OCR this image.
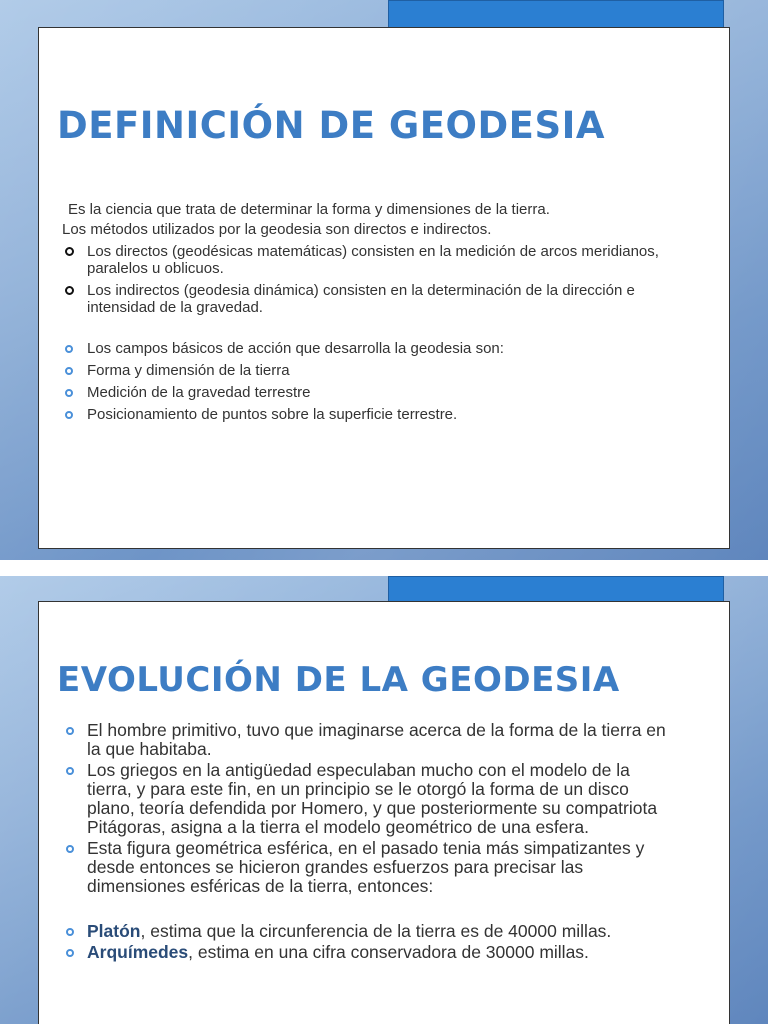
DEFINICIÓN DE GEODESIA

Es la ciencia que trata de determinar la forma y dimensiones de la tierra.

Los métodos utilizados por la geodesia son directos e indirectos.

Los directos (geodésicas matemáticas) consisten en la medición de arcos meridianos, paralelos u oblicuos.
Los indirectos (geodesia dinámica) consisten en la determinación de la dirección e intensidad de la gravedad.
Los campos básicos de acción que desarrolla la geodesia son:
Forma y dimensión de la tierra
Medición de la gravedad terrestre
Posicionamiento de puntos sobre la superficie terrestre.
EVOLUCIÓN DE LA GEODESIA
El hombre primitivo, tuvo que imaginarse acerca de la forma de la tierra en la que habitaba.
Los griegos en la antigüedad especulaban mucho con el modelo de la tierra, y para este fin, en un principio se le otorgó la forma de un disco plano, teoría defendida por Homero, y que posteriormente su compatriota Pitágoras, asigna a la tierra el modelo geométrico de una esfera.
Esta figura geométrica esférica, en el pasado tenia más simpatizantes y desde entonces se hicieron grandes esfuerzos para precisar las dimensiones esféricas de la tierra, entonces:
Platón, estima que la circunferencia de la tierra es de 40000 millas.
Arquímedes, estima en una cifra conservadora de 30000 millas.
